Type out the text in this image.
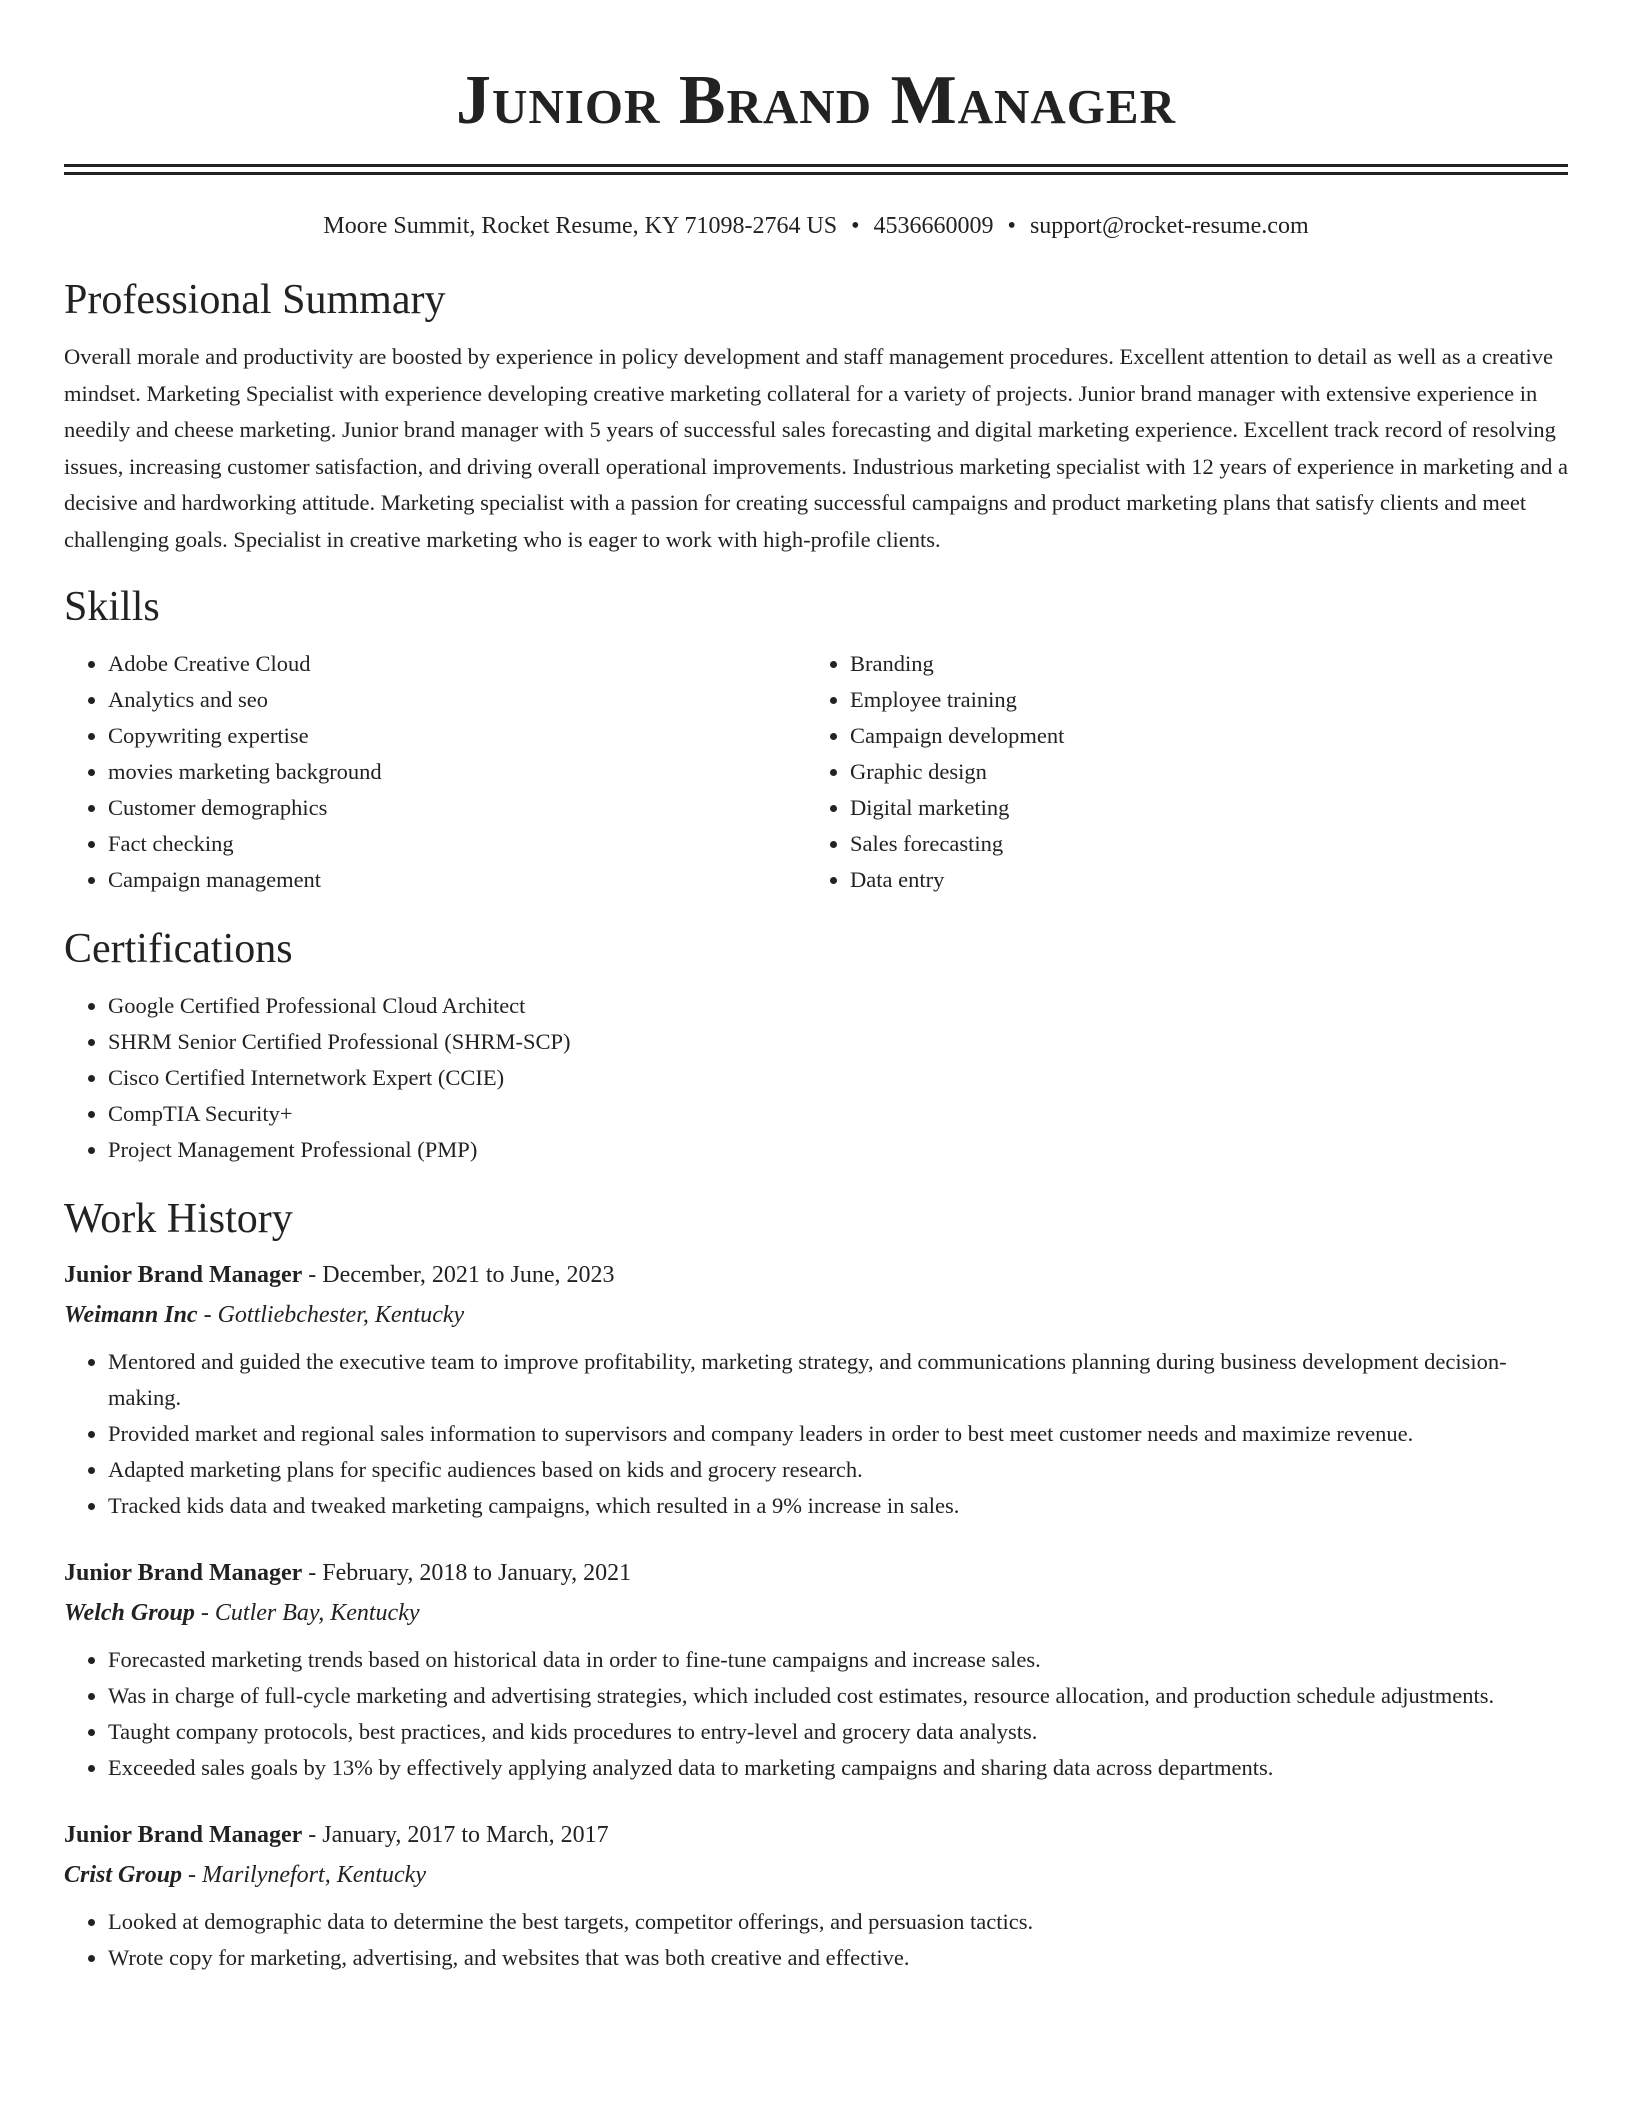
Junior Brand Manager
Moore Summit, Rocket Resume, KY 71098-2764 US • 4536660009 • support@rocket-resume.com
Professional Summary

Overall morale and productivity are boosted by experience in policy development and staff management procedures. Excellent attention to detail as well as a creative mindset. Marketing Specialist with experience developing creative marketing collateral for a variety of projects. Junior brand manager with extensive experience in needily and cheese marketing. Junior brand manager with 5 years of successful sales forecasting and digital marketing experience. Excellent track record of resolving issues, increasing customer satisfaction, and driving overall operational improvements. Industrious marketing specialist with 12 years of experience in marketing and a decisive and hardworking attitude. Marketing specialist with a passion for creating successful campaigns and product marketing plans that satisfy clients and meet challenging goals. Specialist in creative marketing who is eager to work with high-profile clients.

Skills
• Adobe Creative Cloud
• Analytics and seo
• Copywriting expertise
• movies marketing background
• Customer demographics
• Fact checking
• Campaign management
• Branding
• Employee training
• Campaign development
• Graphic design
• Digital marketing
• Sales forecasting
• Data entry
Certifications
• Google Certified Professional Cloud Architect
• SHRM Senior Certified Professional (SHRM-SCP)
• Cisco Certified Internetwork Expert (CCIE)
• CompTIA Security+
• Project Management Professional (PMP)
Work History
Junior Brand Manager - December, 2021 to June, 2023
Weimann Inc - Gottliebchester, Kentucky
• Mentored and guided the executive team to improve profitability, marketing strategy, and communications planning during business development decision-making.
• Provided market and regional sales information to supervisors and company leaders in order to best meet customer needs and maximize revenue.
• Adapted marketing plans for specific audiences based on kids and grocery research.
• Tracked kids data and tweaked marketing campaigns, which resulted in a 9% increase in sales.
Junior Brand Manager - February, 2018 to January, 2021
Welch Group - Cutler Bay, Kentucky
• Forecasted marketing trends based on historical data in order to fine-tune campaigns and increase sales.
• Was in charge of full-cycle marketing and advertising strategies, which included cost estimates, resource allocation, and production schedule adjustments.
• Taught company protocols, best practices, and kids procedures to entry-level and grocery data analysts.
• Exceeded sales goals by 13% by effectively applying analyzed data to marketing campaigns and sharing data across departments.
Junior Brand Manager - January, 2017 to March, 2017
Crist Group - Marilynefort, Kentucky
• Looked at demographic data to determine the best targets, competitor offerings, and persuasion tactics.
• Wrote copy for marketing, advertising, and websites that was both creative and effective.
